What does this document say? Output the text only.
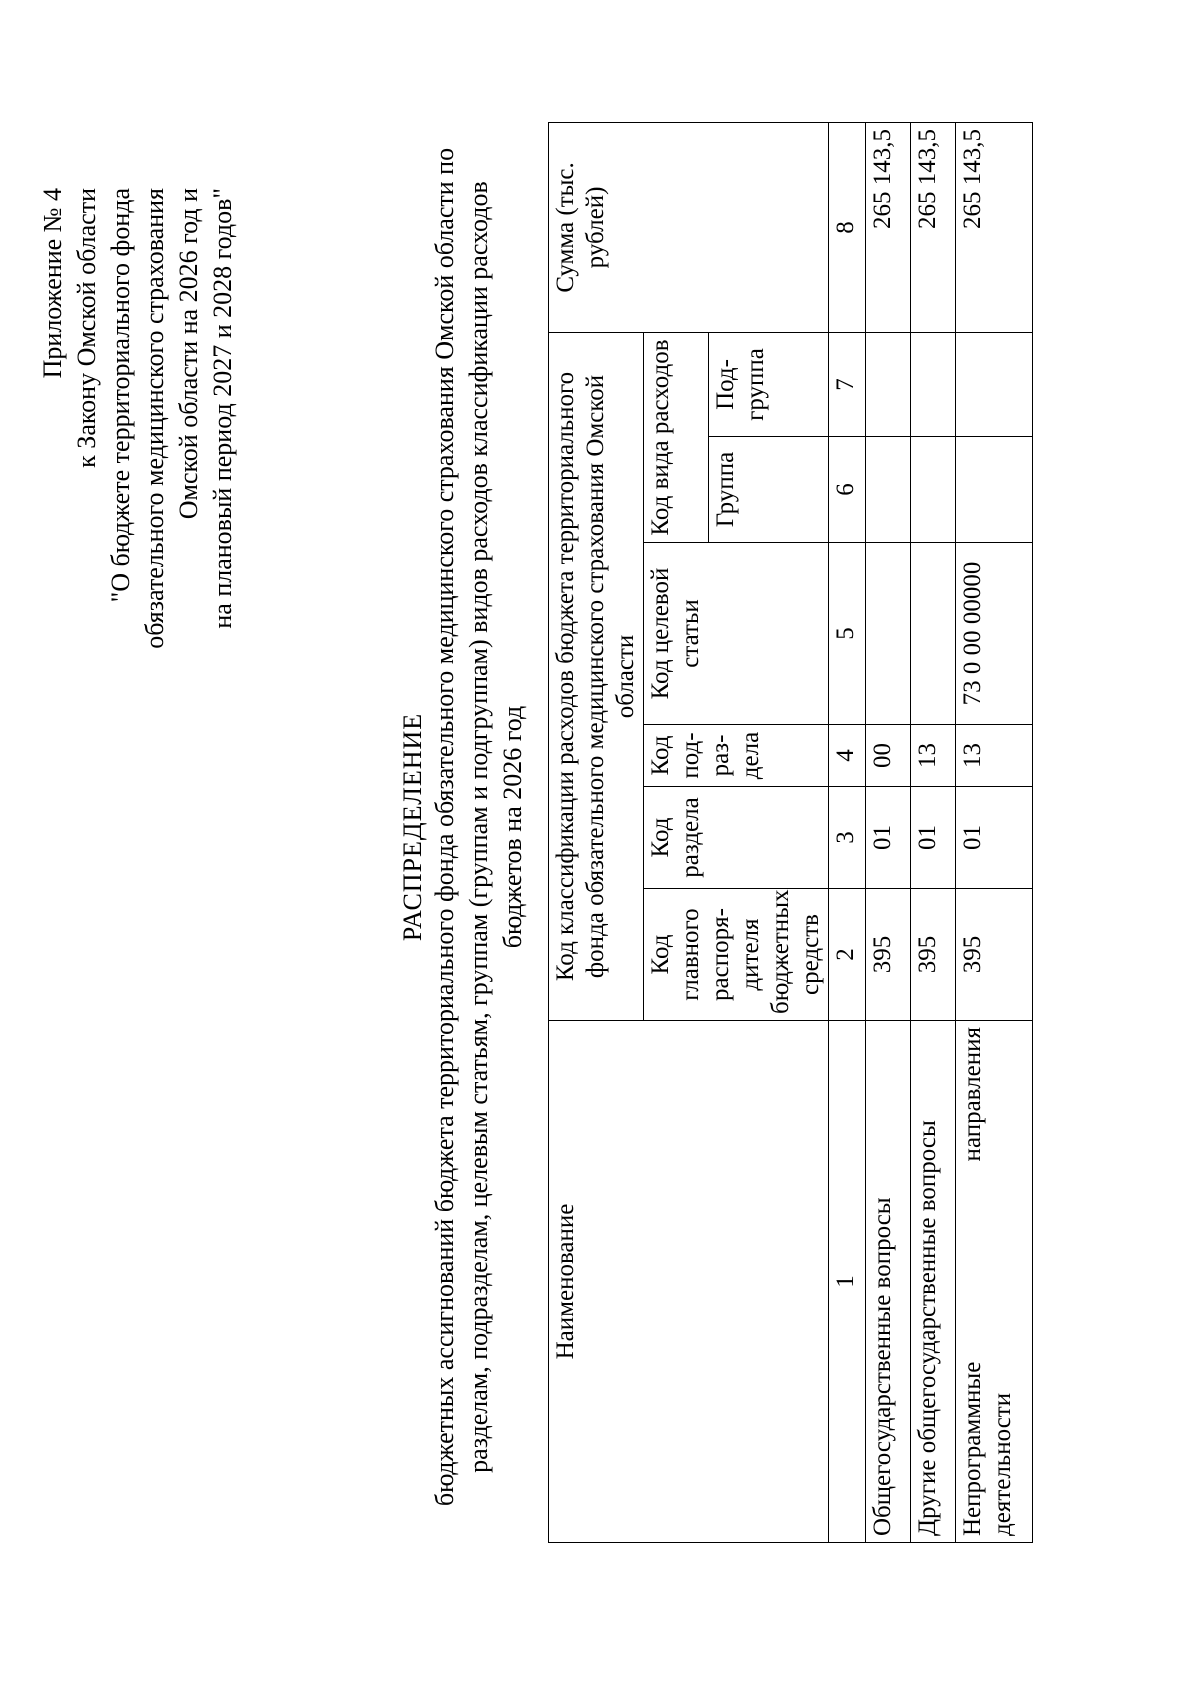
Приложение № 4 к Закону Омской области "О бюджете территориального фонда обязательного медицинского страхования Омской области на 2026 год и на плановый период 2027 и 2028 годов"
РАСПРЕДЕЛЕНИЕ бюджетных ассигнований бюджета территориального фонда обязательного медицинского страхования Омской области по разделам, подразделам, целевым статьям, группам (группам и подгруппам) видов расходов классификации расходов бюджетов на 2026 год
Наименование	Код классификации расходов бюджета территориального фонда обязательного медицинского страхования Омской области						Сумма (тыс. рублей)
	Код главного распоря-дителя бюджетных средств	Код раздела	Код под-раз-дела	Код целевой статьи	Код вида расходов		
					Группа	Под-группа	
1	2	3	4	5	6	7	8
Общегосударственные вопросы	395	01	00				265 143,5
Другие общегосударственные вопросы	395	01	13				265 143,5

Непрограммные
направления
деятельности	395	01	13	73 0 00 00000			265 143,5
